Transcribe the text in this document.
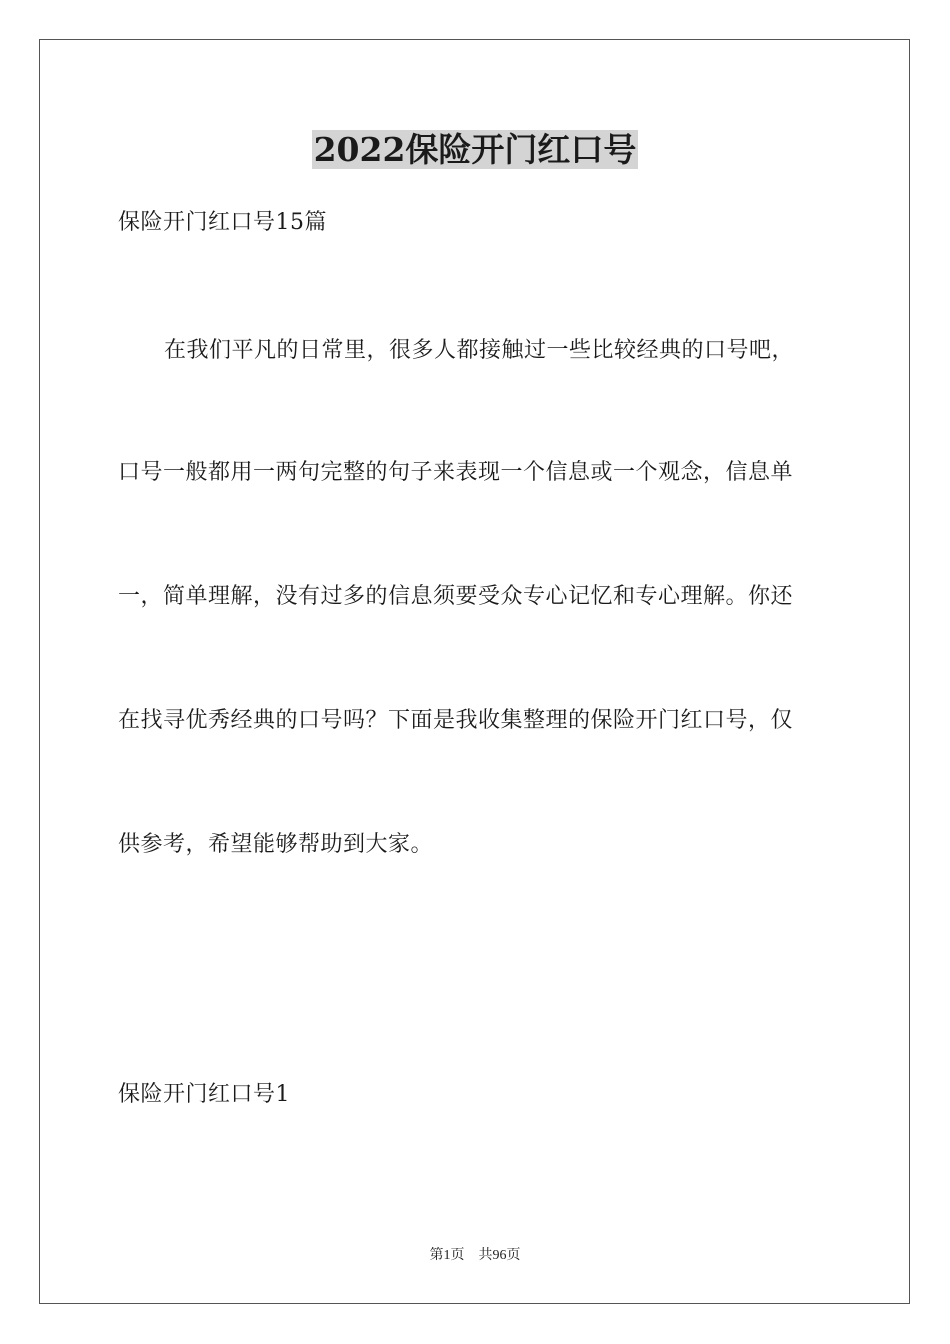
2022保险开门红口号
保险开门红口号15篇
在我们平凡的日常里，很多人都接触过一些比较经典的口号吧，
口号一般都用一两句完整的句子来表现一个信息或一个观念，信息单
一，简单理解，没有过多的信息须要受众专心记忆和专心理解。你还
在找寻优秀经典的口号吗？下面是我收集整理的保险开门红口号，仅
供参考，希望能够帮助到大家。
保险开门红口号1
第1页 共96页
